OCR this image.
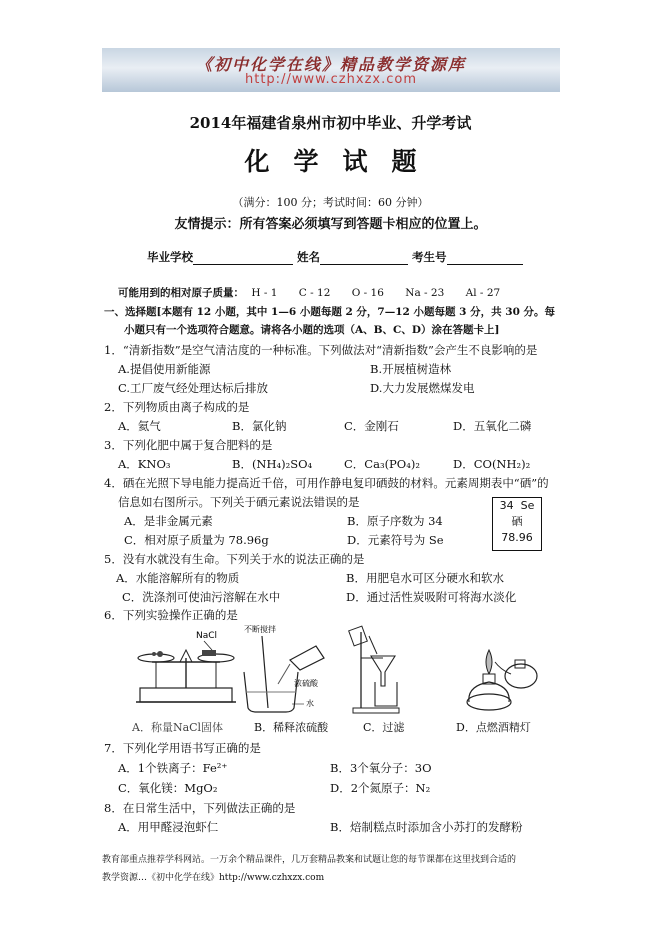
《初中化学在线》精品教学资源库
http://www.czhxzx.com
2014年福建省泉州市初中毕业、升学考试
化学试题
（满分：100 分；考试时间：60 分钟）
友情提示：所有答案必须填写到答题卡相应的位置上。
毕业学校	姓名	考生号
可能用到的相对原子质量： H - 1 C - 12 O - 16 Na - 23 Al - 27
一、选择题[本题有 12 小题，其中 1—6 小题每题 2 分，7—12 小题每题 3 分，共 30 分。每
小题只有一个选项符合题意。请将各小题的选项（A、B、C、D）涂在答题卡上]
1．“清新指数”是空气清洁度的一种标准。下列做法对“清新指数”会产生不良影响的是
A.提倡使用新能源	B.开展植树造林
C.工厂废气经处理达标后排放	D.大力发展燃煤发电
2．下列物质由离子构成的是
A．氦气	B．氯化钠	C．金刚石	D．五氧化二磷
3．下列化肥中属于复合肥料的是
A．KNO₃	B．(NH₄)₂SO₄	C．Ca₃(PO₄)₂	D．CO(NH₂)₂
4．硒在光照下导电能力提高近千倍，可用作静电复印硒鼓的材料。元素周期表中“硒”的
信息如右图所示。下列关于硒元素说法错误的是
A．是非金属元素	B．原子序数为 34
C．相对原子质量为 78.96g	D．元素符号为 Se
34 Se
硒
78.96
5．没有水就没有生命。下列关于水的说法正确的是
A．水能溶解所有的物质	B．用肥皂水可区分硬水和软水
C．洗涤剂可使油污溶解在水中	D．通过活性炭吸附可将海水淡化
6．下列实验操作正确的是
NaCl
不断搅拌
浓硫酸
水
A．称量NaCl固体	B．稀释浓硫酸	C．过滤	D．点燃酒精灯
7．下列化学用语书写正确的是
A．1个铁离子：Fe²⁺	B．3个氧分子：3O
C．氧化镁：MgO₂	D．2个氮原子：N₂
8．在日常生活中，下列做法正确的是
A．用甲醛浸泡虾仁	B．焙制糕点时添加含小苏打的发酵粉
教育部重点推荐学科网站。一万余个精品课件，几万套精品教案和试题让您的每节课都在这里找到合适的
教学资源…《初中化学在线》http://www.czhxzx.com
